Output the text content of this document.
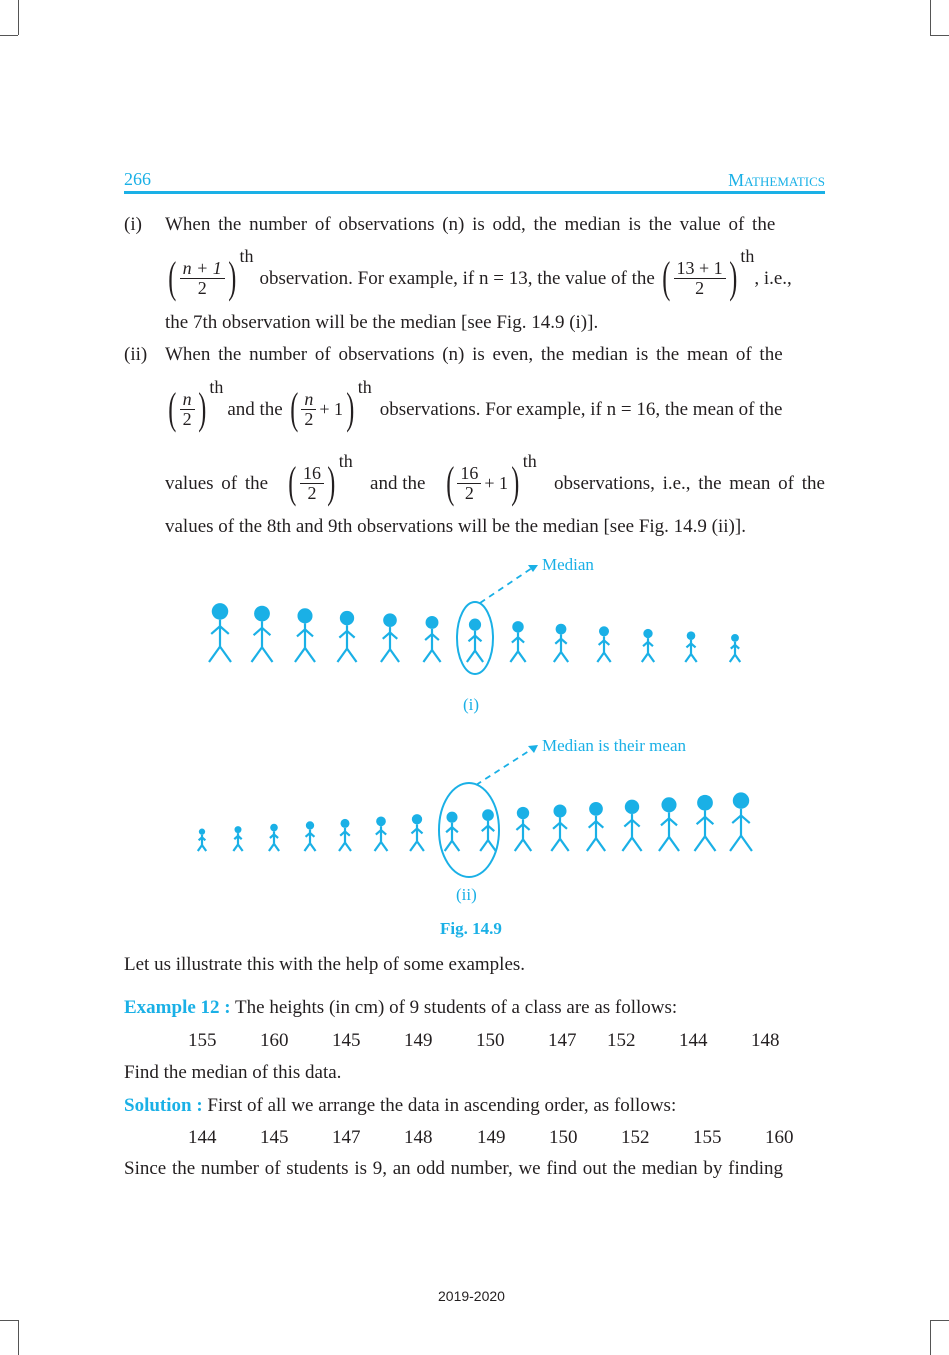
266	Mathematics
(i) When the number of observations (n) is odd, the median is the value of the
( $\frac{n + 1}{2}$ ) th
observation. For example, if n = 13, the value of the ( $\frac{13 + 1}{2}$ ) th
, i.e.,
the 7th observation will be the median [see Fig. 14.9 (i)].
(ii) When the number of observations (n) is even, the median is the mean of the
( $\frac{n}{2}$ ) th
and the ( $\frac{n}{2} + 1$ ) th
observations. For example, if n = 16, the mean of the
values of the ( $\frac{16}{2}$ ) th
and the ( $\frac{16}{2} + 1$ ) th
observations, i.e., the mean of the
values of the 8th and 9th observations will be the median [see Fig. 14.9 (ii)].
Median
(i)
Median is their mean
(ii)
Fig. 14.9
Let us illustrate this with the help of some examples.
Example 12 : The heights (in cm) of 9 students of a class are as follows:
155 160 145 149 150 147 152 144 148
Find the median of this data.
Solution : First of all we arrange the data in ascending order, as follows:
144 145 147 148 149 150 152 155 160
Since the number of students is 9, an odd number, we find out the median by finding
2019-2020
